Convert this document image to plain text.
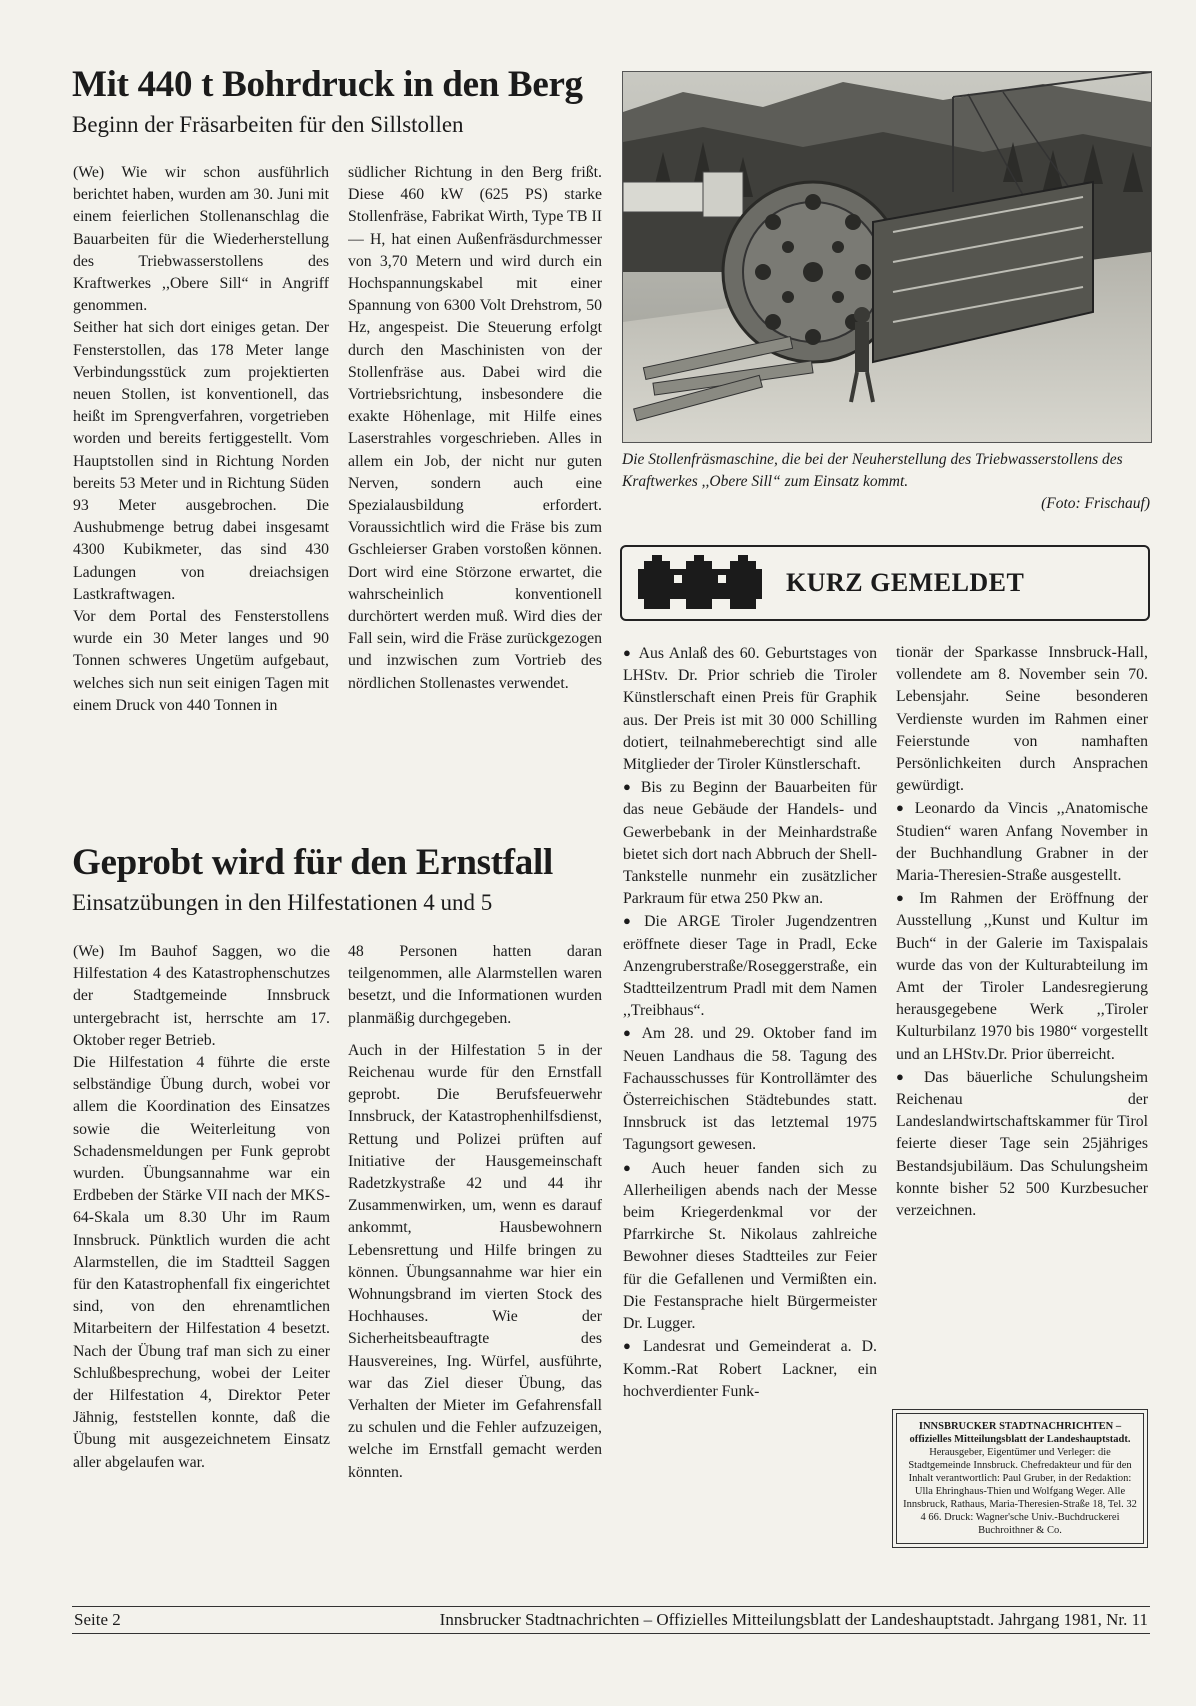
Mit 440 t Bohrdruck in den Berg
Beginn der Fräsarbeiten für den Sillstollen

(We) Wie wir schon ausführlich berichtet haben, wurden am 30. Juni mit einem feierlichen Stollenanschlag die Bauarbeiten für die Wiederherstellung des Triebwasserstollens des Kraftwerkes ,,Obere Sill“ in Angriff genommen.

Seither hat sich dort einiges getan. Der Fensterstollen, das 178 Meter lange Verbindungsstück zum projektierten neuen Stollen, ist konventionell, das heißt im Sprengverfahren, vorgetrieben worden und bereits fertiggestellt. Vom Hauptstollen sind in Richtung Norden bereits 53 Meter und in Richtung Süden 93 Meter ausgebrochen. Die Aushubmenge betrug dabei insgesamt 4300 Kubikmeter, das sind 430 Ladungen von dreiachsigen Lastkraftwagen.

Vor dem Portal des Fensterstollens wurde ein 30 Meter langes und 90 Tonnen schweres Ungetüm aufgebaut, welches sich nun seit einigen Tagen mit einem Druck von 440 Tonnen in

südlicher Richtung in den Berg frißt. Diese 460 kW (625 PS) starke Stollenfräse, Fabrikat Wirth, Type TB II — H, hat einen Außenfräsdurchmesser von 3,70 Metern und wird durch ein Hochspannungskabel mit einer Spannung von 6300 Volt Drehstrom, 50 Hz, angespeist. Die Steuerung erfolgt durch den Maschinisten von der Stollenfräse aus. Dabei wird die Vortriebsrichtung, insbesondere die exakte Höhenlage, mit Hilfe eines Laserstrahles vorgeschrieben. Alles in allem ein Job, der nicht nur guten Nerven, sondern auch eine Spezialausbildung erfordert. Voraussichtlich wird die Fräse bis zum Gschleierser Graben vorstoßen können. Dort wird eine Störzone erwartet, die wahrscheinlich konventionell durchörtert werden muß. Wird dies der Fall sein, wird die Fräse zurückgezogen und inzwischen zum Vortrieb des nördlichen Stollenastes verwendet.

Die Stollenfräsmaschine, die bei der Neuherstellung des Triebwasserstollens des Kraftwerkes ,,Obere Sill“ zum Einsatz kommt.
(Foto: Frischauf)
Geprobt wird für den Ernstfall
Einsatzübungen in den Hilfestationen 4 und 5

(We) Im Bauhof Saggen, wo die Hilfestation 4 des Katastrophenschutzes der Stadtgemeinde Innsbruck untergebracht ist, herrschte am 17. Oktober reger Betrieb.

Die Hilfestation 4 führte die erste selbständige Übung durch, wobei vor allem die Koordination des Einsatzes sowie die Weiterleitung von Schadensmeldungen per Funk geprobt wurden. Übungsannahme war ein Erdbeben der Stärke VII nach der MKS-64-Skala um 8.30 Uhr im Raum Innsbruck. Pünktlich wurden die acht Alarmstellen, die im Stadtteil Saggen für den Katastrophenfall fix eingerichtet sind, von den ehrenamtlichen Mitarbeitern der Hilfestation 4 besetzt. Nach der Übung traf man sich zu einer Schlußbesprechung, wobei der Leiter der Hilfestation 4, Direktor Peter Jähnig, feststellen konnte, daß die Übung mit ausgezeichnetem Einsatz aller abgelaufen war.

48 Personen hatten daran teilgenommen, alle Alarmstellen waren besetzt, und die Informationen wurden planmäßig durchgegeben.

Auch in der Hilfestation 5 in der Reichenau wurde für den Ernstfall geprobt. Die Berufsfeuerwehr Innsbruck, der Katastrophenhilfsdienst, Rettung und Polizei prüften auf Initiative der Hausgemeinschaft Radetzkystraße 42 und 44 ihr Zusammenwirken, um, wenn es darauf ankommt, Hausbewohnern Lebensrettung und Hilfe bringen zu können. Übungsannahme war hier ein Wohnungsbrand im vierten Stock des Hochhauses. Wie der Sicherheitsbeauftragte des Hausvereines, Ing. Würfel, ausführte, war das Ziel dieser Übung, das Verhalten der Mieter im Gefahrensfall zu schulen und die Fehler aufzuzeigen, welche im Ernstfall gemacht werden könnten.

KURZ GEMELDET

● Aus Anlaß des 60. Geburtstages von LHStv. Dr. Prior schrieb die Tiroler Künstlerschaft einen Preis für Graphik aus. Der Preis ist mit 30 000 Schilling dotiert, teilnahmeberechtigt sind alle Mitglieder der Tiroler Künstlerschaft.

● Bis zu Beginn der Bauarbeiten für das neue Gebäude der Handels- und Gewerbebank in der Meinhardstraße bietet sich dort nach Abbruch der Shell-Tankstelle nunmehr ein zusätzlicher Parkraum für etwa 250 Pkw an.

● Die ARGE Tiroler Jugendzentren eröffnete dieser Tage in Pradl, Ecke Anzengruberstraße/Roseggerstraße, ein Stadtteilzentrum Pradl mit dem Namen ,,Treibhaus“.

● Am 28. und 29. Oktober fand im Neuen Landhaus die 58. Tagung des Fachausschusses für Kontrollämter des Österreichischen Städtebundes statt. Innsbruck ist das letztemal 1975 Tagungsort gewesen.

● Auch heuer fanden sich zu Allerheiligen abends nach der Messe beim Kriegerdenkmal vor der Pfarrkirche St. Nikolaus zahlreiche Bewohner dieses Stadtteiles zur Feier für die Gefallenen und Vermißten ein. Die Festansprache hielt Bürgermeister Dr. Lugger.

● Landesrat und Gemeinderat a. D. Komm.-Rat Robert Lackner, ein hochverdienter Funk-

tionär der Sparkasse Innsbruck-Hall, vollendete am 8. November sein 70. Lebensjahr. Seine besonderen Verdienste wurden im Rahmen einer Feierstunde von namhaften Persönlichkeiten durch Ansprachen gewürdigt.

● Leonardo da Vincis ,,Anatomische Studien“ waren Anfang November in der Buchhandlung Grabner in der Maria-Theresien-Straße ausgestellt.

● Im Rahmen der Eröffnung der Ausstellung ,,Kunst und Kultur im Buch“ in der Galerie im Taxispalais wurde das von der Kulturabteilung im Amt der Tiroler Landesregierung herausgegebene Werk ,,Tiroler Kulturbilanz 1970 bis 1980“ vorgestellt und an LHStv.Dr. Prior überreicht.

● Das bäuerliche Schulungsheim Reichenau der Landeslandwirtschaftskammer für Tirol feierte dieser Tage sein 25jähriges Bestandsjubiläum. Das Schulungsheim konnte bisher 52 500 Kurzbesucher verzeichnen.

INNSBRUCKER STADTNACHRICHTEN – offizielles Mitteilungsblatt der Landeshauptstadt. Herausgeber, Eigentümer und Verleger: die Stadtgemeinde Innsbruck. Chefredakteur und für den Inhalt verantwortlich: Paul Gruber, in der Redaktion: Ulla Ehringhaus-Thien und Wolfgang Weger. Alle Innsbruck, Rathaus, Maria-Theresien-Straße 18, Tel. 32 4 66. Druck: Wagner'sche Univ.-Buchdruckerei Buchroithner & Co.
Seite 2	Innsbrucker Stadtnachrichten – Offizielles Mitteilungsblatt der Landeshauptstadt. Jahrgang 1981, Nr. 11
